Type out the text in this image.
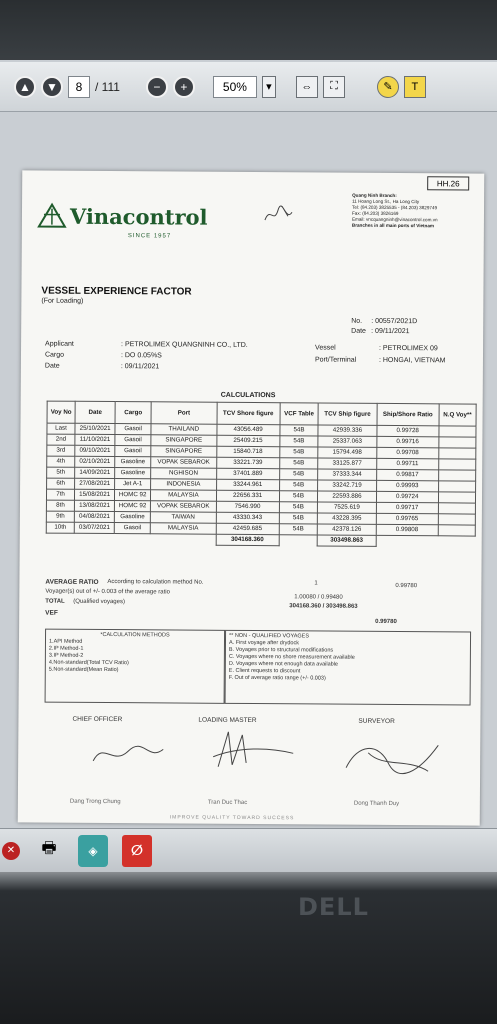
▲	▼	8	/ 111	− +	50%	▾	⇔	⛶	✎	T
Vinacontrol
SINCE 1957
HH.26
Quang Ninh Branch:
11 Hoang Long St., Ha Long City
Tel: (84.203) 3825535 - (84.203) 3829749
Fax: (84.203) 3826169
Email: vncquangninh@vinacontrol.com.vn
Branches in all main ports of Vietnam
VESSEL EXPERIENCE FACTOR
(For Loading)
No. : 00557/2021D
Date : 09/11/2021
Applicant	: PETROLIMEX QUANGNINH CO., LTD.
Cargo	: DO 0.05%S
Date	: 09/11/2021
Vessel	: PETROLIMEX 09
Port/Terminal	: HONGAI, VIETNAM
CALCULATIONS
Voy No	Date	Cargo	Port	TCV Shore figure	VCF Table	TCV Ship figure	Ship/Shore Ratio	N.Q Voy**
Last	25/10/2021	Gasoil	THAILAND	43056.489	54B	42939.336	0.99728	
2nd	11/10/2021	Gasoil	SINGAPORE	25409.215	54B	25337.063	0.99716	
3rd	09/10/2021	Gasoil	SINGAPORE	15840.718	54B	15794.498	0.99708	
4th	02/10/2021	Gasoline	VOPAK SEBAROK	33221.739	54B	33125.877	0.99711	
5th	14/09/2021	Gasoline	NGHISON	37401.889	54B	37333.344	0.99817	
6th	27/08/2021	Jet A-1	INDONESIA	33244.961	54B	33242.719	0.99993	
7th	15/08/2021	HOMC 92	MALAYSIA	22656.331	54B	22593.886	0.99724	
8th	13/08/2021	HOMC 92	VOPAK SEBAROK	7546.990	54B	7525.619	0.99717	
9th	04/08/2021	Gasoline	TAIWAN	43330.343	54B	43228.395	0.99765	
10th	03/07/2021	Gasoil	MALAYSIA	42459.685	54B	42378.126	0.99808	
				304168.360		303498.863		
AVERAGE RATIO According to calculation method No.	1	0.99780
Voyager(s) out of +/- 0.003 of the average ratio
1.00080 / 0.99480
TOTAL (Qualified voyages)
304168.360 / 303498.863
VEF
0.99780
*CALCULATION METHODS
1.API Method
2.IP Method-1
3.IP Method-2
4.Non-standard(Total TCV Ratio)
5.Non-standard(Mean Ratio)
** NON - QUALIFIED VOYAGES
A. First voyage after drydock
B. Voyages prior to structural modifications
C. Voyages where no shore measurement available
D. Voyages where not enough data available
E. Client requests to discount
F. Out of average ratio range (+/- 0.003)
CHIEF OFFICER	LOADING MASTER	SURVEYOR
Dang Trong Chung	Tran Duc Thac	Dong Thanh Duy
IMPROVE QUALITY TOWARD SUCCESS
✕	🖶	◈	ⵁ
DELL
